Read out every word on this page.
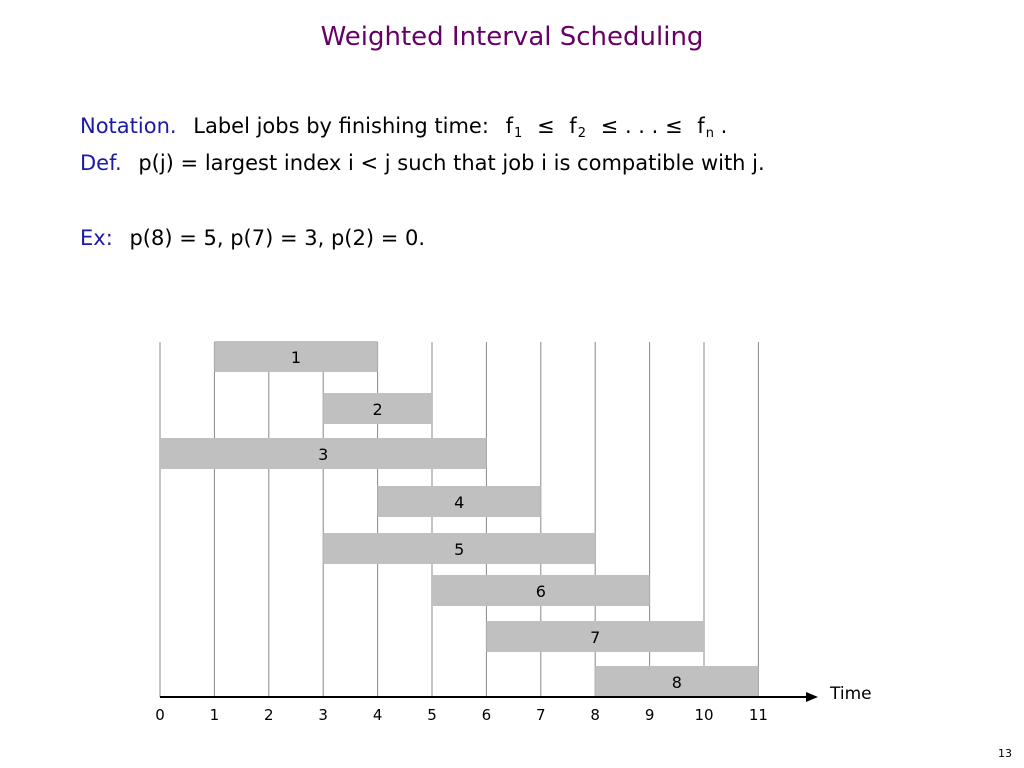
Weighted Interval Scheduling
Notation. Label jobs by finishing time: $f_1 \le f_2$ ≤ . . . ≤ $f_n$ .
Def. p(j) = largest index i < j such that job i is compatible with j.
Ex: p(8) = 5, p(7) = 3, p(2) = 0.
1
2
3
4
5
6
7
8
0	1	2	3	4	5	6	7	8	9	10 11
Time
13
